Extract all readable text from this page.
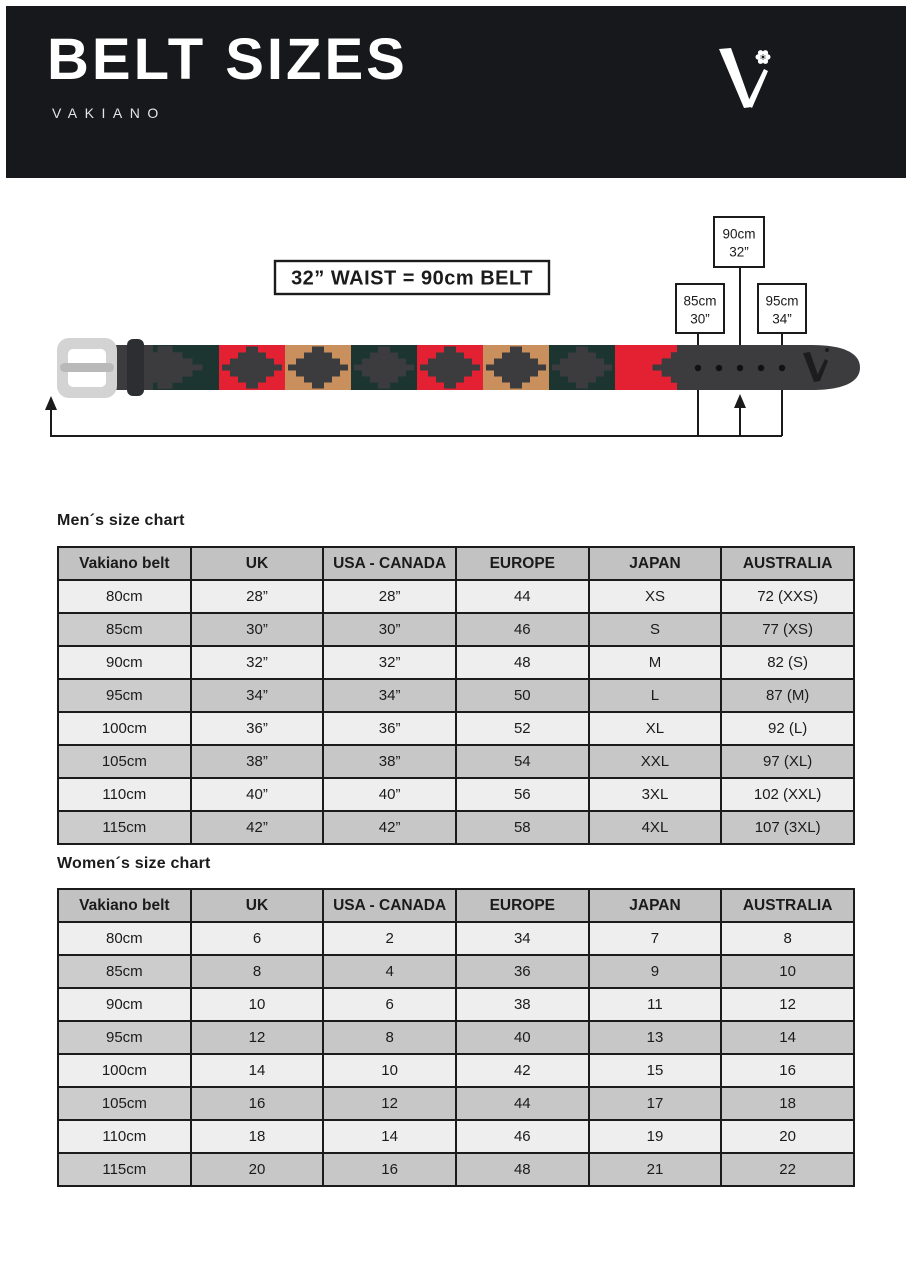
BELT SIZES
VAKIANO
32” WAIST = 90cm BELT
90cm
32”
85cm
30”
95cm
34”
Men´s size chart
Vakiano belt	UK	USA - CANADA	EUROPE	JAPAN	AUSTRALIA
80cm	28”	28”	44	XS	72 (XXS)
85cm	30”	30”	46	S	77 (XS)
90cm	32”	32”	48	M	82 (S)
95cm	34”	34”	50	L	87 (M)
100cm	36”	36”	52	XL	92 (L)
105cm	38”	38”	54	XXL	97 (XL)
110cm	40”	40”	56	3XL	102 (XXL)
115cm	42”	42”	58	4XL	107 (3XL)
Women´s size chart
Vakiano belt	UK	USA - CANADA	EUROPE	JAPAN	AUSTRALIA
80cm	6	2	34	7	8
85cm	8	4	36	9	10
90cm	10	6	38	11	12
95cm	12	8	40	13	14
100cm	14	10	42	15	16
105cm	16	12	44	17	18
110cm	18	14	46	19	20
115cm	20	16	48	21	22
